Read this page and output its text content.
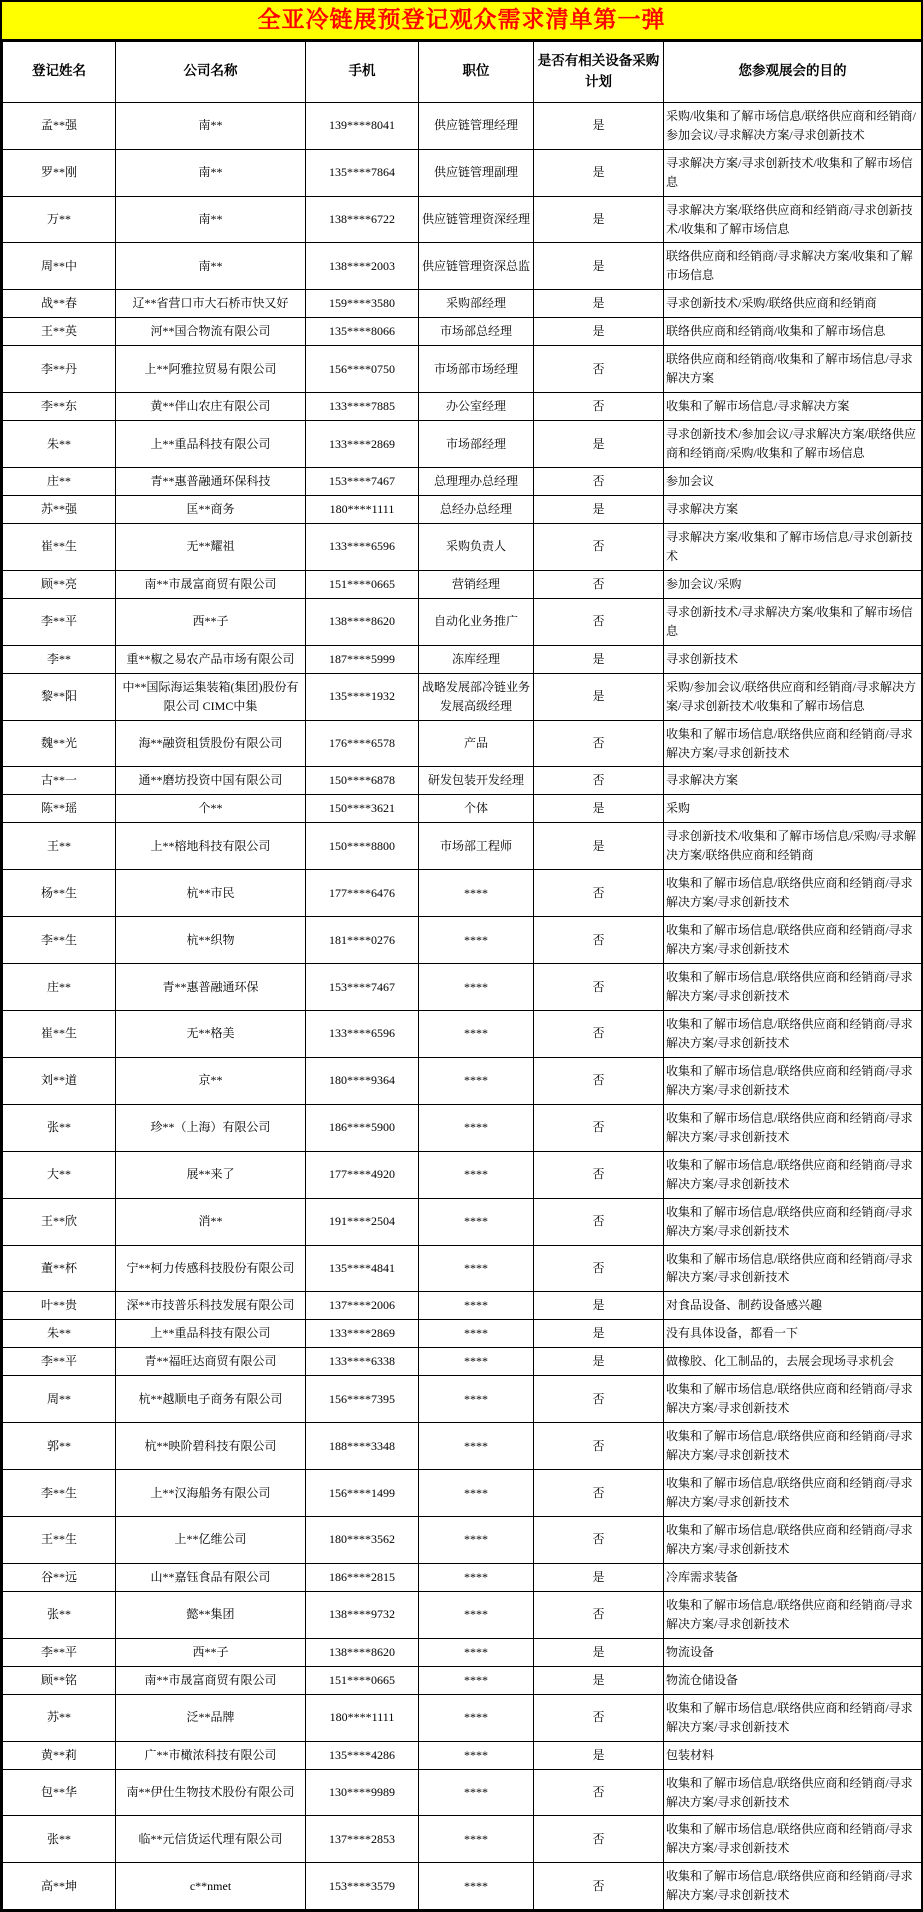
全亚冷链展预登记观众需求清单第一弹
登记姓名	公司名称	手机	职位	是否有相关设备采购计划	您参观展会的目的
孟**强	南**	139****8041	供应链管理经理	是	采购/收集和了解市场信息/联络供应商和经销商/参加会议/寻求解决方案/寻求创新技术
罗**刚	南**	135****7864	供应链管理副理	是	寻求解决方案/寻求创新技术/收集和了解市场信息
万**	南**	138****6722	供应链管理资深经理	是	寻求解决方案/联络供应商和经销商/寻求创新技术/收集和了解市场信息
周**中	南**	138****2003	供应链管理资深总监	是	联络供应商和经销商/寻求解决方案/收集和了解市场信息
战**春	辽**省营口市大石桥市快又好	159****3580	采购部经理	是	寻求创新技术/采购/联络供应商和经销商
王**英	河**国合物流有限公司	135****8066	市场部总经理	是	联络供应商和经销商/收集和了解市场信息
李**丹	上**阿雅拉贸易有限公司	156****0750	市场部市场经理	否	联络供应商和经销商/收集和了解市场信息/寻求解决方案
李**东	黄**伴山农庄有限公司	133****7885	办公室经理	否	收集和了解市场信息/寻求解决方案
朱**	上**重品科技有限公司	133****2869	市场部经理	是	寻求创新技术/参加会议/寻求解决方案/联络供应商和经销商/采购/收集和了解市场信息
庄**	青**惠普融通环保科技	153****7467	总理理办总经理	否	参加会议
苏**强	匡**商务	180****1111	总经办总经理	是	寻求解决方案
崔**生	无**耀祖	133****6596	采购负责人	否	寻求解决方案/收集和了解市场信息/寻求创新技术
顾**亮	南**市晟富商贸有限公司	151****0665	营销经理	否	参加会议/采购
李**平	西**子	138****8620	自动化业务推广	否	寻求创新技术/寻求解决方案/收集和了解市场信息
李**	重**椒之易农产品市场有限公司	187****5999	冻库经理	是	寻求创新技术
黎**阳	中**国际海运集装箱(集团)股份有限公司 CIMC中集	135****1932	战略发展部冷链业务发展高级经理	是	采购/参加会议/联络供应商和经销商/寻求解决方案/寻求创新技术/收集和了解市场信息
魏**光	海**融资租赁股份有限公司	176****6578	产品	否	收集和了解市场信息/联络供应商和经销商/寻求解决方案/寻求创新技术
古**一	通**磨坊投资中国有限公司	150****6878	研发包装开发经理	否	寻求解决方案
陈**瑶	个**	150****3621	个体	是	采购
王**	上**榕地科技有限公司	150****8800	市场部工程师	是	寻求创新技术/收集和了解市场信息/采购/寻求解决方案/联络供应商和经销商
杨**生	杭**市民	177****6476	****	否	收集和了解市场信息/联络供应商和经销商/寻求解决方案/寻求创新技术
李**生	杭**织物	181****0276	****	否	收集和了解市场信息/联络供应商和经销商/寻求解决方案/寻求创新技术
庄**	青**惠普融通环保	153****7467	****	否	收集和了解市场信息/联络供应商和经销商/寻求解决方案/寻求创新技术
崔**生	无**格美	133****6596	****	否	收集和了解市场信息/联络供应商和经销商/寻求解决方案/寻求创新技术
刘**道	京**	180****9364	****	否	收集和了解市场信息/联络供应商和经销商/寻求解决方案/寻求创新技术
张**	珍**（上海）有限公司	186****5900	****	否	收集和了解市场信息/联络供应商和经销商/寻求解决方案/寻求创新技术
大**	展**来了	177****4920	****	否	收集和了解市场信息/联络供应商和经销商/寻求解决方案/寻求创新技术
王**欣	消**	191****2504	****	否	收集和了解市场信息/联络供应商和经销商/寻求解决方案/寻求创新技术
董**杯	宁**柯力传感科技股份有限公司	135****4841	****	否	收集和了解市场信息/联络供应商和经销商/寻求解决方案/寻求创新技术
叶**贵	深**市技普乐科技发展有限公司	137****2006	****	是	对食品设备、制药设备感兴趣
朱**	上**重品科技有限公司	133****2869	****	是	没有具体设备，都看一下
李**平	青**福旺达商贸有限公司	133****6338	****	是	做橡胶、化工制品的，去展会现场寻求机会
周**	杭**越顺电子商务有限公司	156****7395	****	否	收集和了解市场信息/联络供应商和经销商/寻求解决方案/寻求创新技术
郭**	杭**映阶碧科技有限公司	188****3348	****	否	收集和了解市场信息/联络供应商和经销商/寻求解决方案/寻求创新技术
李**生	上**汉海船务有限公司	156****1499	****	否	收集和了解市场信息/联络供应商和经销商/寻求解决方案/寻求创新技术
王**生	上**亿维公司	180****3562	****	否	收集和了解市场信息/联络供应商和经销商/寻求解决方案/寻求创新技术
谷**远	山**嘉钰食品有限公司	186****2815	****	是	冷库需求装备
张**	懿**集团	138****9732	****	否	收集和了解市场信息/联络供应商和经销商/寻求解决方案/寻求创新技术
李**平	西**子	138****8620	****	是	物流设备
顾**铭	南**市晟富商贸有限公司	151****0665	****	是	物流仓储设备
苏**	泛**品牌	180****1111	****	否	收集和了解市场信息/联络供应商和经销商/寻求解决方案/寻求创新技术
黄**莉	广**市橄浓科技有限公司	135****4286	****	是	包装材料
包**华	南**伊仕生物技术股份有限公司	130****9989	****	否	收集和了解市场信息/联络供应商和经销商/寻求解决方案/寻求创新技术
张**	临**元信货运代理有限公司	137****2853	****	否	收集和了解市场信息/联络供应商和经销商/寻求解决方案/寻求创新技术
高**坤	c**nmet	153****3579	****	否	收集和了解市场信息/联络供应商和经销商/寻求解决方案/寻求创新技术
